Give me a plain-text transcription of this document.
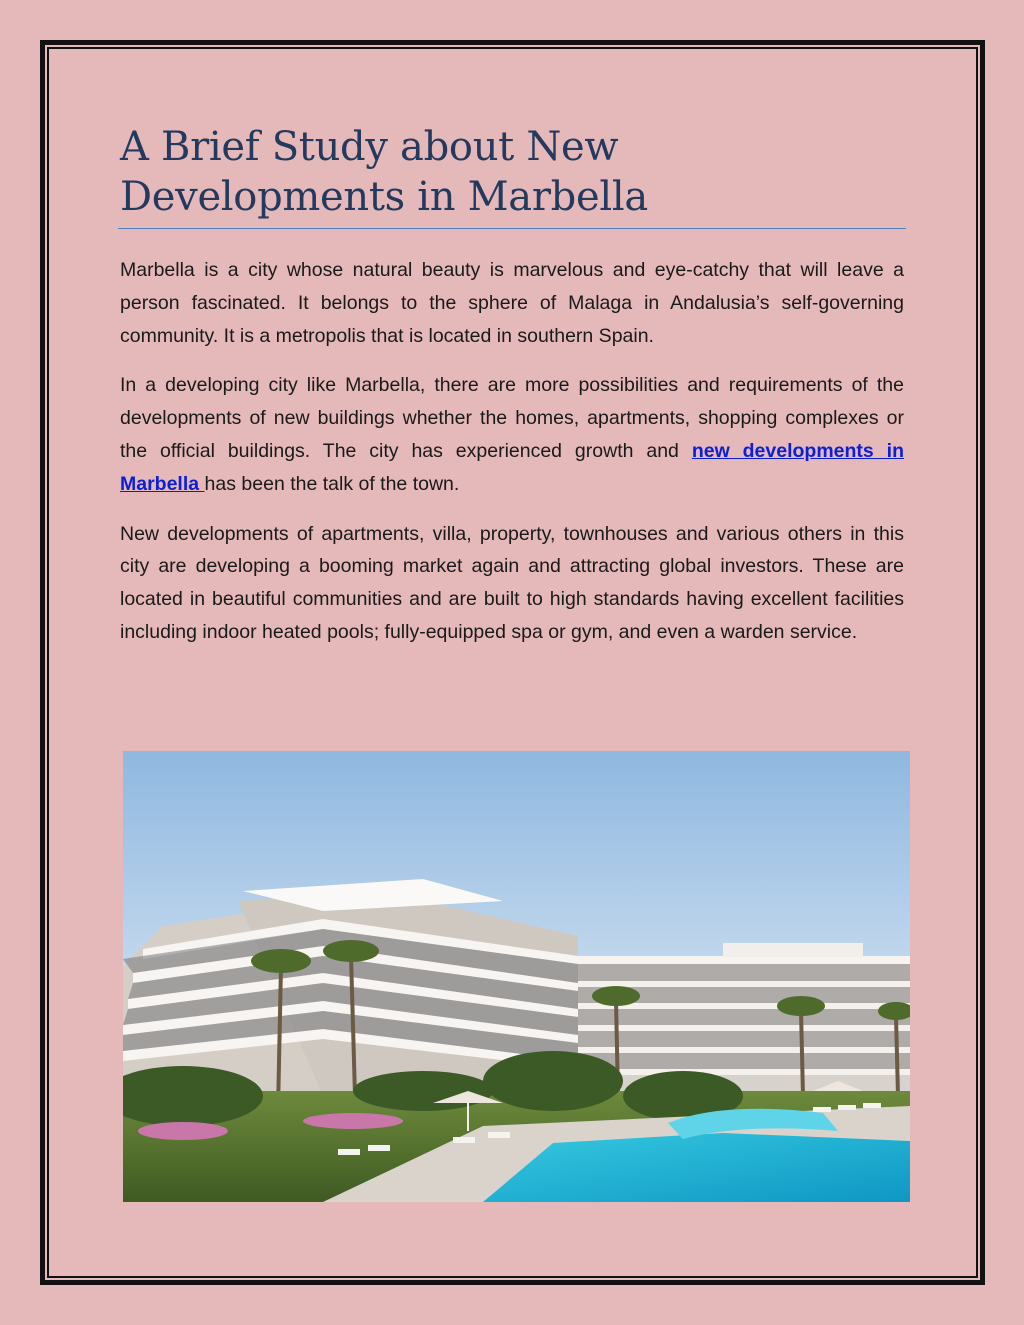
A Brief Study about New Developments in Marbella

Marbella is a city whose natural beauty is marvelous and eye-catchy that will leave a person fascinated. It belongs to the sphere of Malaga in Andalusia’s self-governing community. It is a metropolis that is located in southern Spain.

In a developing city like Marbella, there are more possibilities and requirements of the developments of new buildings whether the homes, apartments, shopping complexes or the official buildings. The city has experienced growth and new developments in Marbella has been the talk of the town.

New developments of apartments, villa, property, townhouses and various others in this city are developing a booming market again and attracting global investors. These are located in beautiful communities and are built to high standards having excellent facilities including indoor heated pools; fully-equipped spa or gym, and even a warden service.
